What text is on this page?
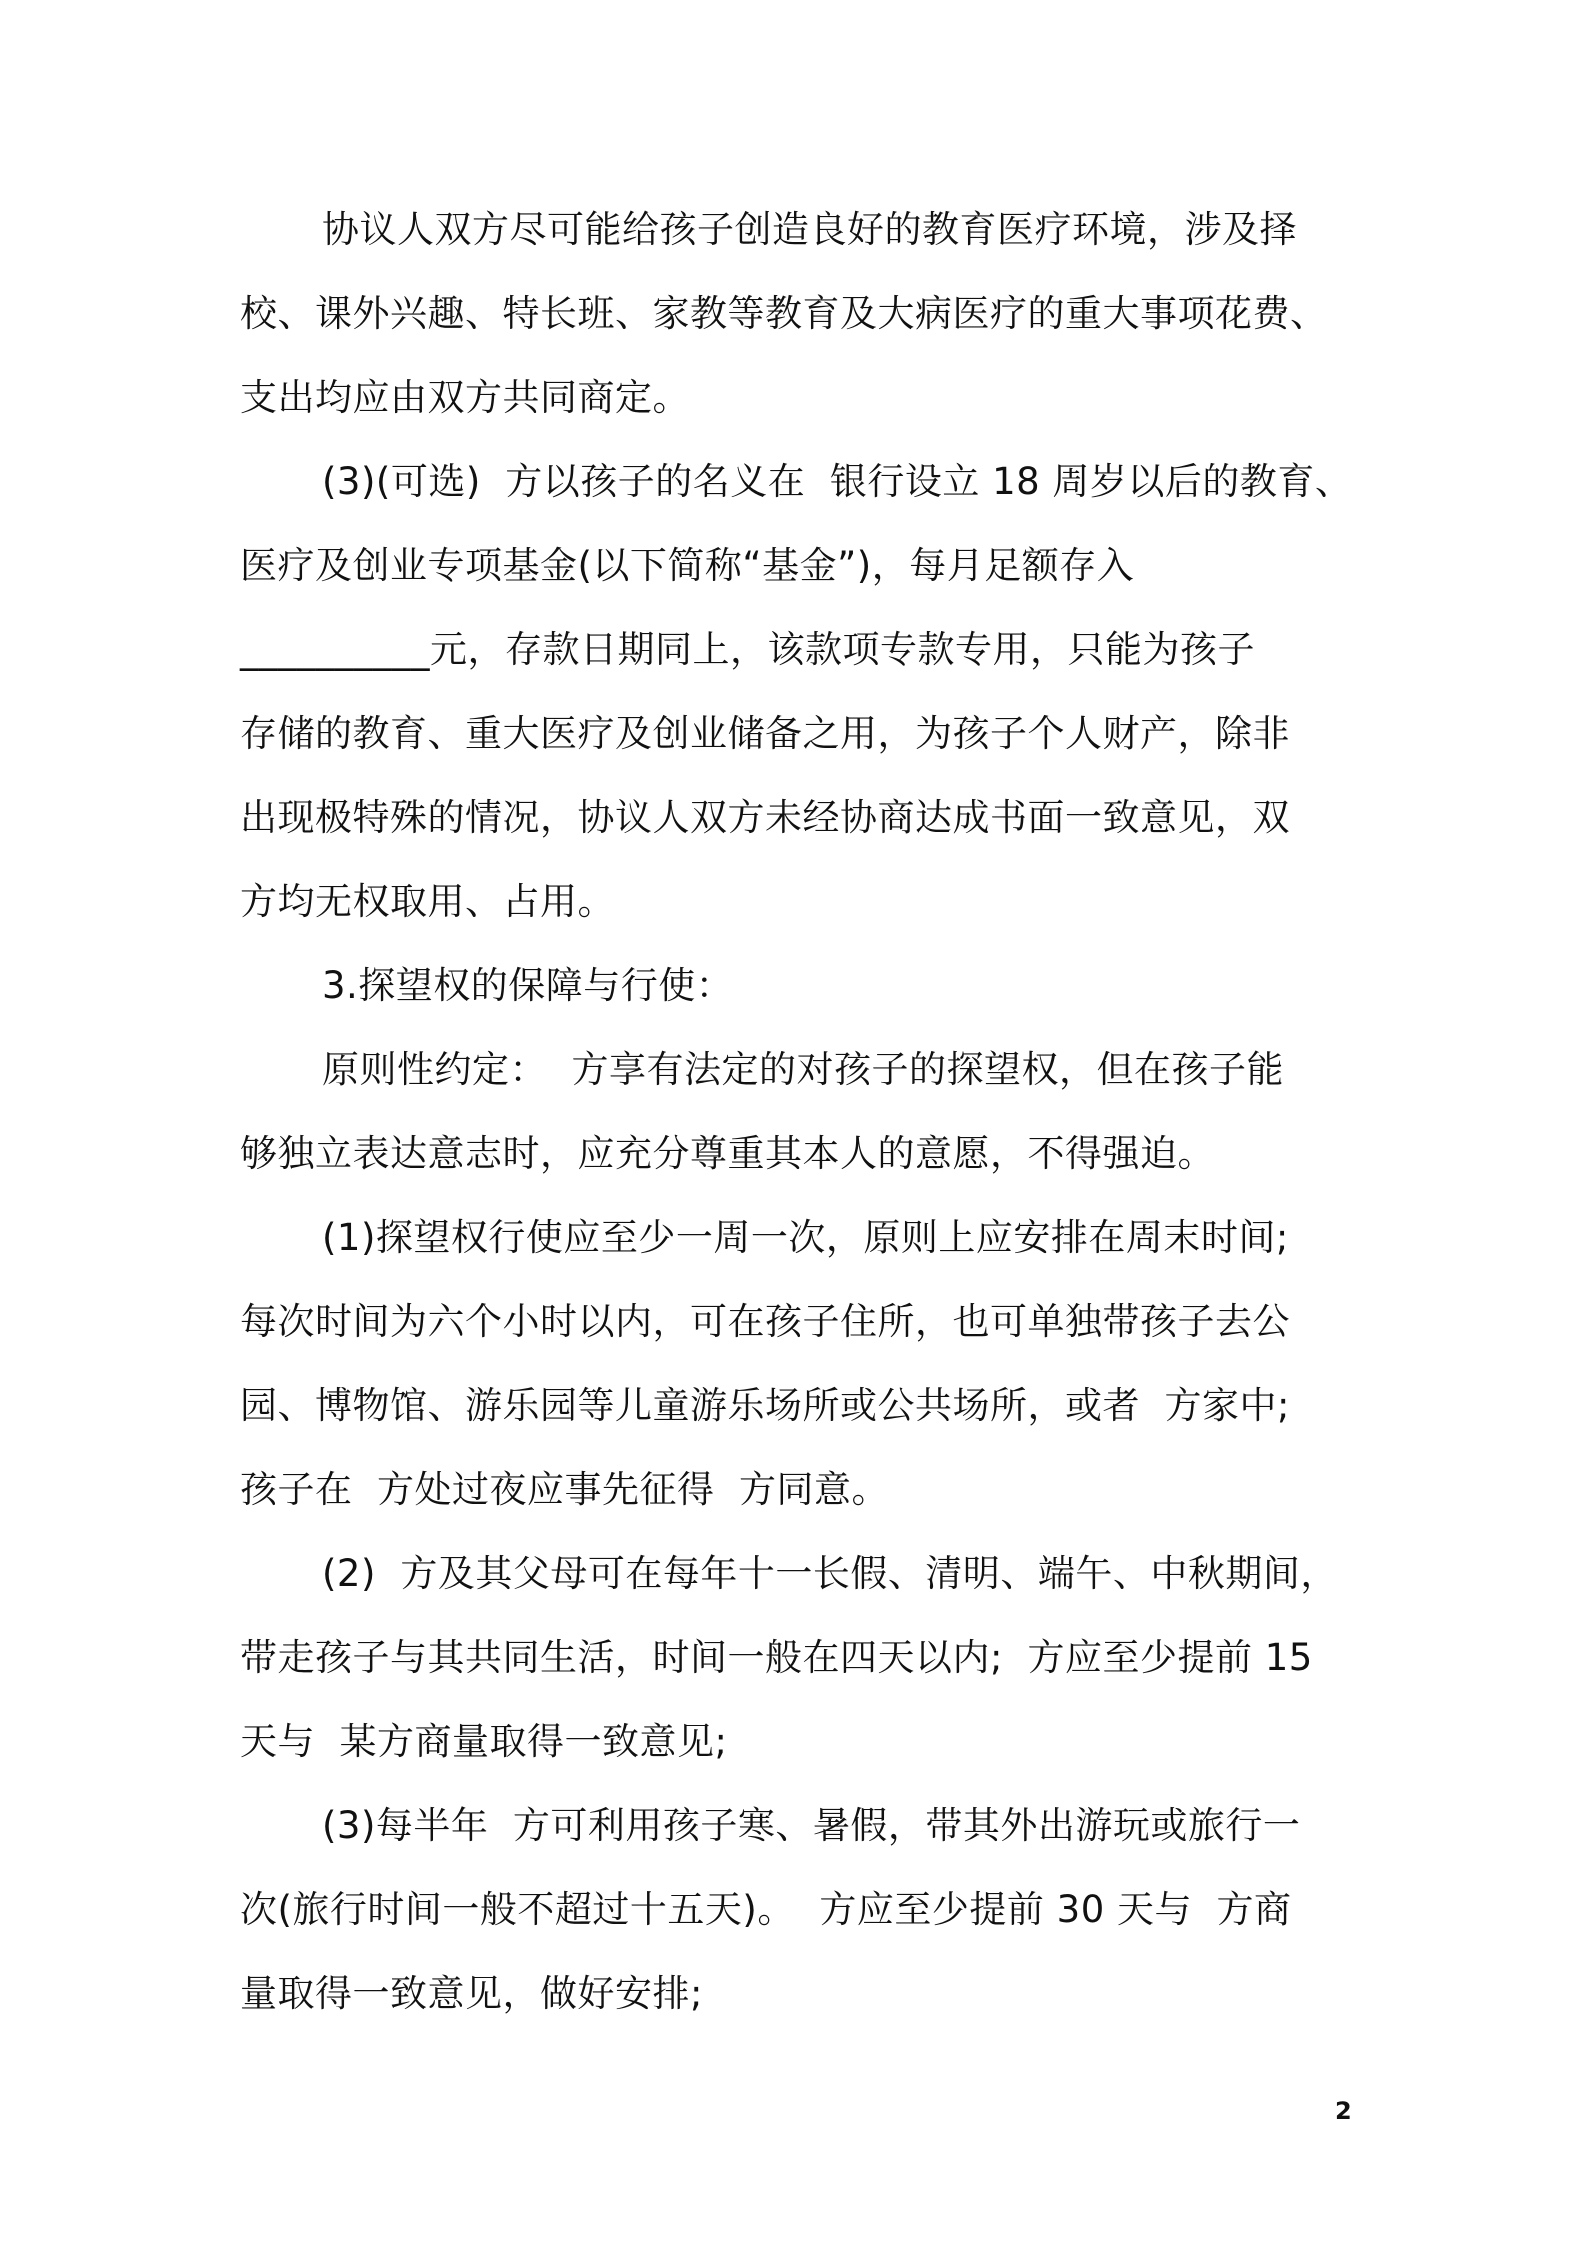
协议人双方尽可能给孩子创造良好的教育医疗环境，涉及择
校、课外兴趣、特长班、家教等教育及大病医疗的重大事项花费、
支出均应由双方共同商定。
(3)(可选)  方以孩子的名义在  银行设立 18 周岁以后的教育、
医疗及创业专项基金(以下简称“基金”)，每月足额存入
__________元，存款日期同上，该款项专款专用，只能为孩子
存储的教育、重大医疗及创业储备之用，为孩子个人财产，除非
出现极特殊的情况，协议人双方未经协商达成书面一致意见，双
方均无权取用、占用。
3.探望权的保障与行使：
原则性约定：  方享有法定的对孩子的探望权，但在孩子能
够独立表达意志时，应充分尊重其本人的意愿，不得强迫。
(1)探望权行使应至少一周一次，原则上应安排在周末时间;
每次时间为六个小时以内，可在孩子住所，也可单独带孩子去公
园、博物馆、游乐园等儿童游乐场所或公共场所，或者  方家中;
孩子在  方处过夜应事先征得  方同意。
(2)  方及其父母可在每年十一长假、清明、端午、中秋期间，
带走孩子与其共同生活，时间一般在四天以内;  方应至少提前 15
天与  某方商量取得一致意见;
(3)每半年  方可利用孩子寒、暑假，带其外出游玩或旅行一
次(旅行时间一般不超过十五天)。  方应至少提前 30 天与  方商
量取得一致意见，做好安排;
2
